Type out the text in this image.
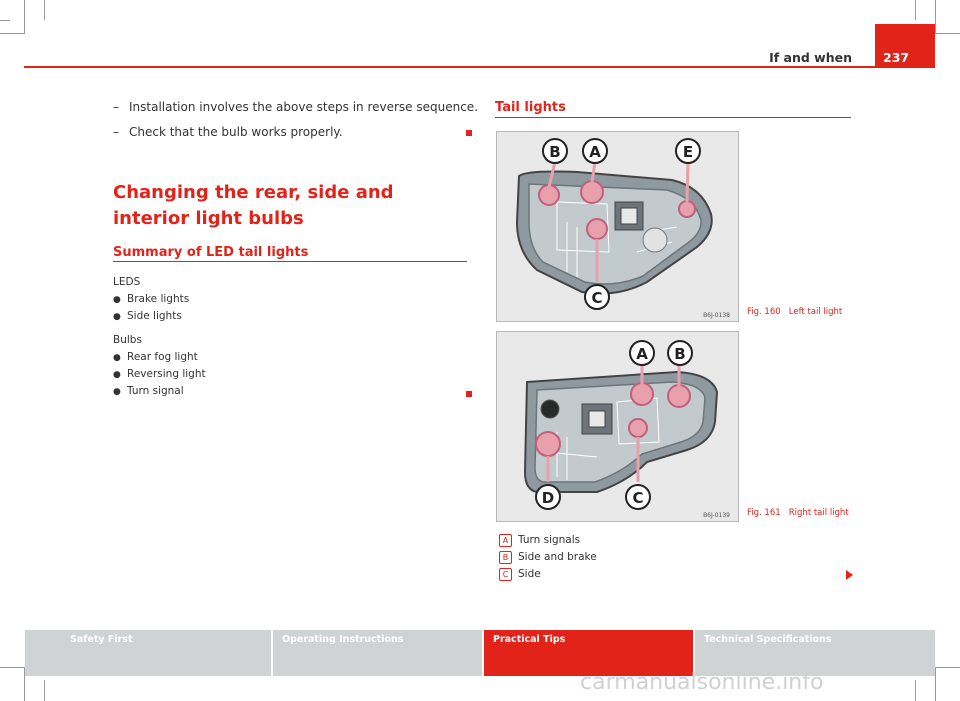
If and when 237
– Installation involves the above steps in reverse sequence.
– Check that the bulb works properly.
Changing the rear, side and interior light bulbs
Summary of LED tail lights
LEDS
● Brake lights
● Side lights
Bulbs
● Rear fog light
● Reversing light
● Turn signal
Tail lights
B A	E
C
B6J-0138 Fig. 160 Left tail light
A B
D	C
B6J-0139 Fig. 161 Right tail light
A Turn signals
B Side and brake
C Side
Safety First	Operating Instructions	Practical Tips	Technical Specifications
carmanualsonline.info
